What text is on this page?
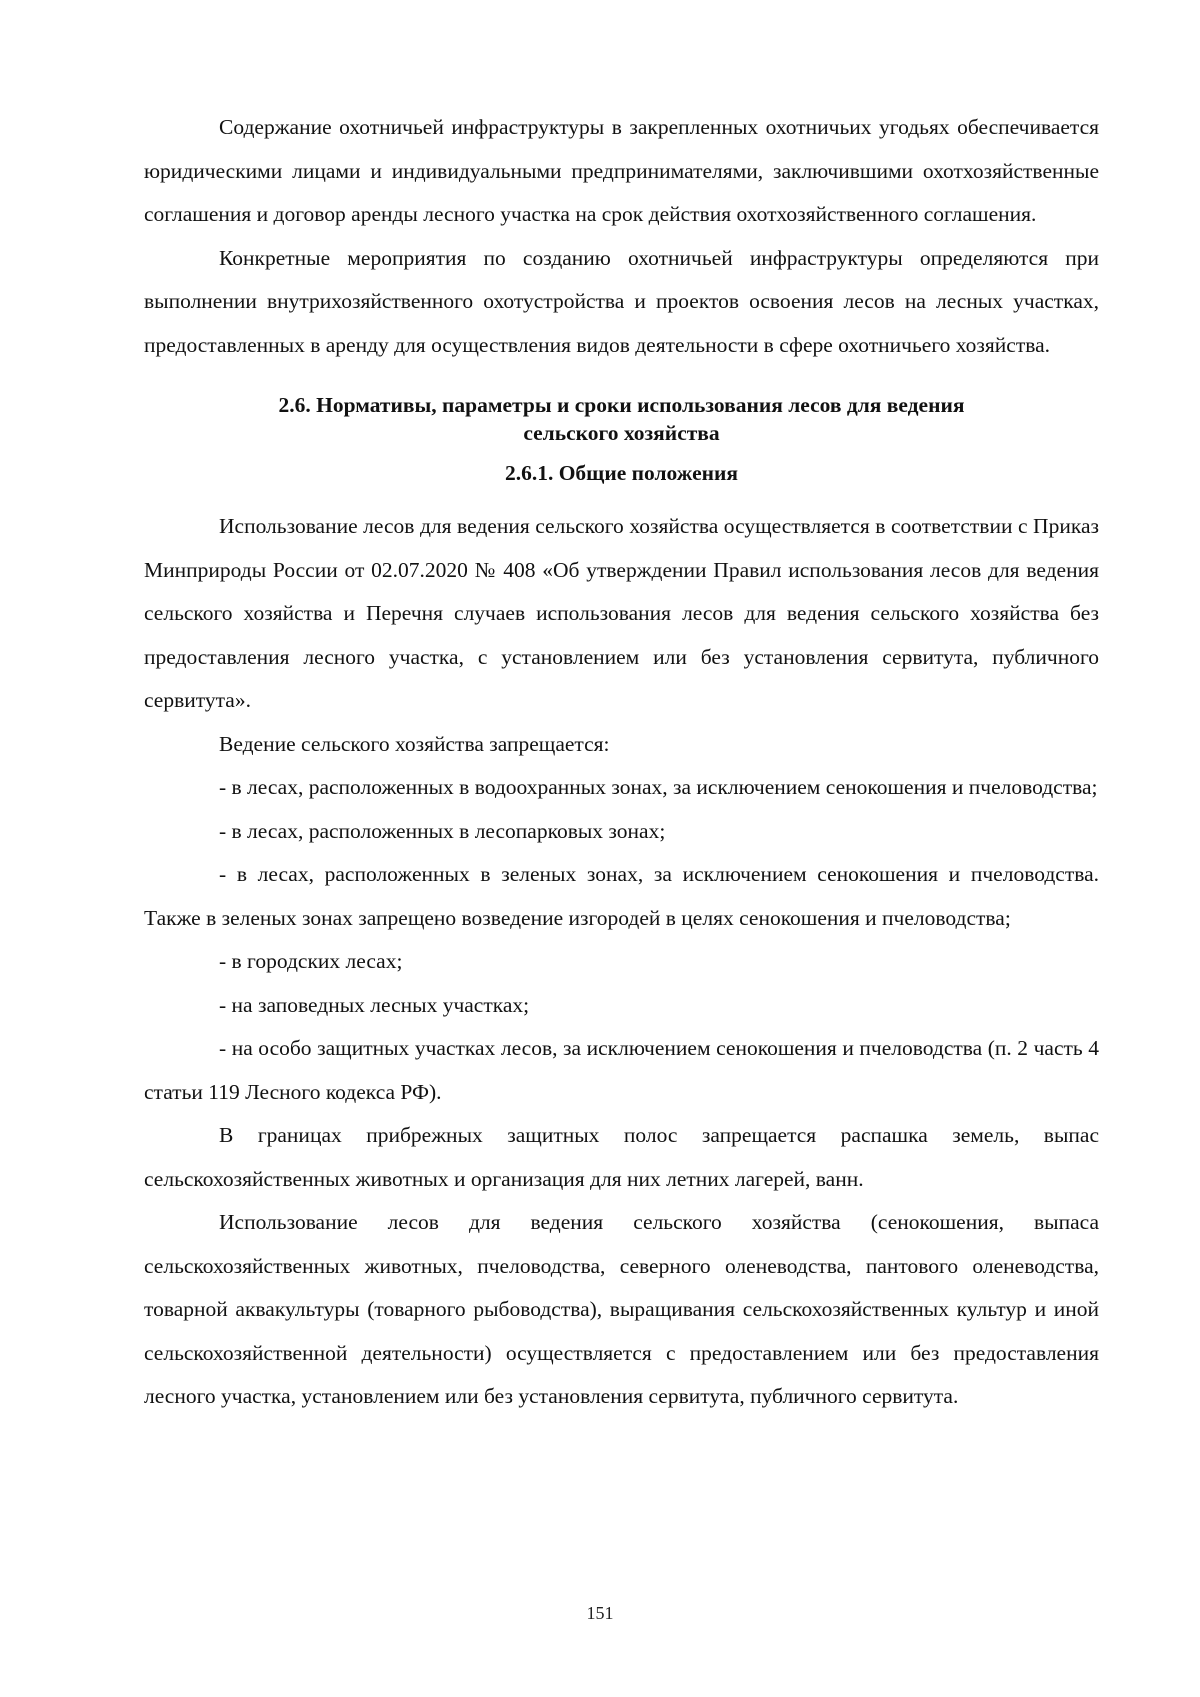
Содержание охотничьей инфраструктуры в закрепленных охотничьих угодьях обеспечивается юридическими лицами и индивидуальными предпринимателями, заключившими охотхозяйственные соглашения и договор аренды лесного участка на срок действия охотхозяйственного соглашения.

Конкретные мероприятия по созданию охотничьей инфраструктуры определяются при выполнении внутрихозяйственного охотустройства и проектов освоения лесов на лесных участках, предоставленных в аренду для осуществления видов деятельности в сфере охотничьего хозяйства.

2.6. Нормативы, параметры и сроки использования лесов для ведения
сельского хозяйства
2.6.1. Общие положения

Использование лесов для ведения сельского хозяйства осуществляется в соответствии с Приказ Минприроды России от 02.07.2020 № 408 «Об утверждении Правил использования лесов для ведения сельского хозяйства и Перечня случаев использования лесов для ведения сельского хозяйства без предоставления лесного участка, с установлением или без установления сервитута, публичного сервитута».

Ведение сельского хозяйства запрещается:

- в лесах, расположенных в водоохранных зонах, за исключением сенокошения и пчеловодства;

- в лесах, расположенных в лесопарковых зонах;

- в лесах, расположенных в зеленых зонах, за исключением сенокошения и пчеловодства. Также в зеленых зонах запрещено возведение изгородей в целях сенокошения и пчеловодства;

- в городских лесах;

- на заповедных лесных участках;

- на особо защитных участках лесов, за исключением сенокошения и пчеловодства (п. 2 часть 4 статьи 119 Лесного кодекса РФ).

В границах прибрежных защитных полос запрещается распашка земель, выпас сельскохозяйственных животных и организация для них летних лагерей, ванн.

Использование лесов для ведения сельского хозяйства (сенокошения, выпаса сельскохозяйственных животных, пчеловодства, северного оленеводства, пантового оленеводства, товарной аквакультуры (товарного рыбоводства), выращивания сельскохозяйственных культур и иной сельскохозяйственной деятельности) осуществляется с предоставлением или без предоставления лесного участка, установлением или без установления сервитута, публичного сервитута.

151
